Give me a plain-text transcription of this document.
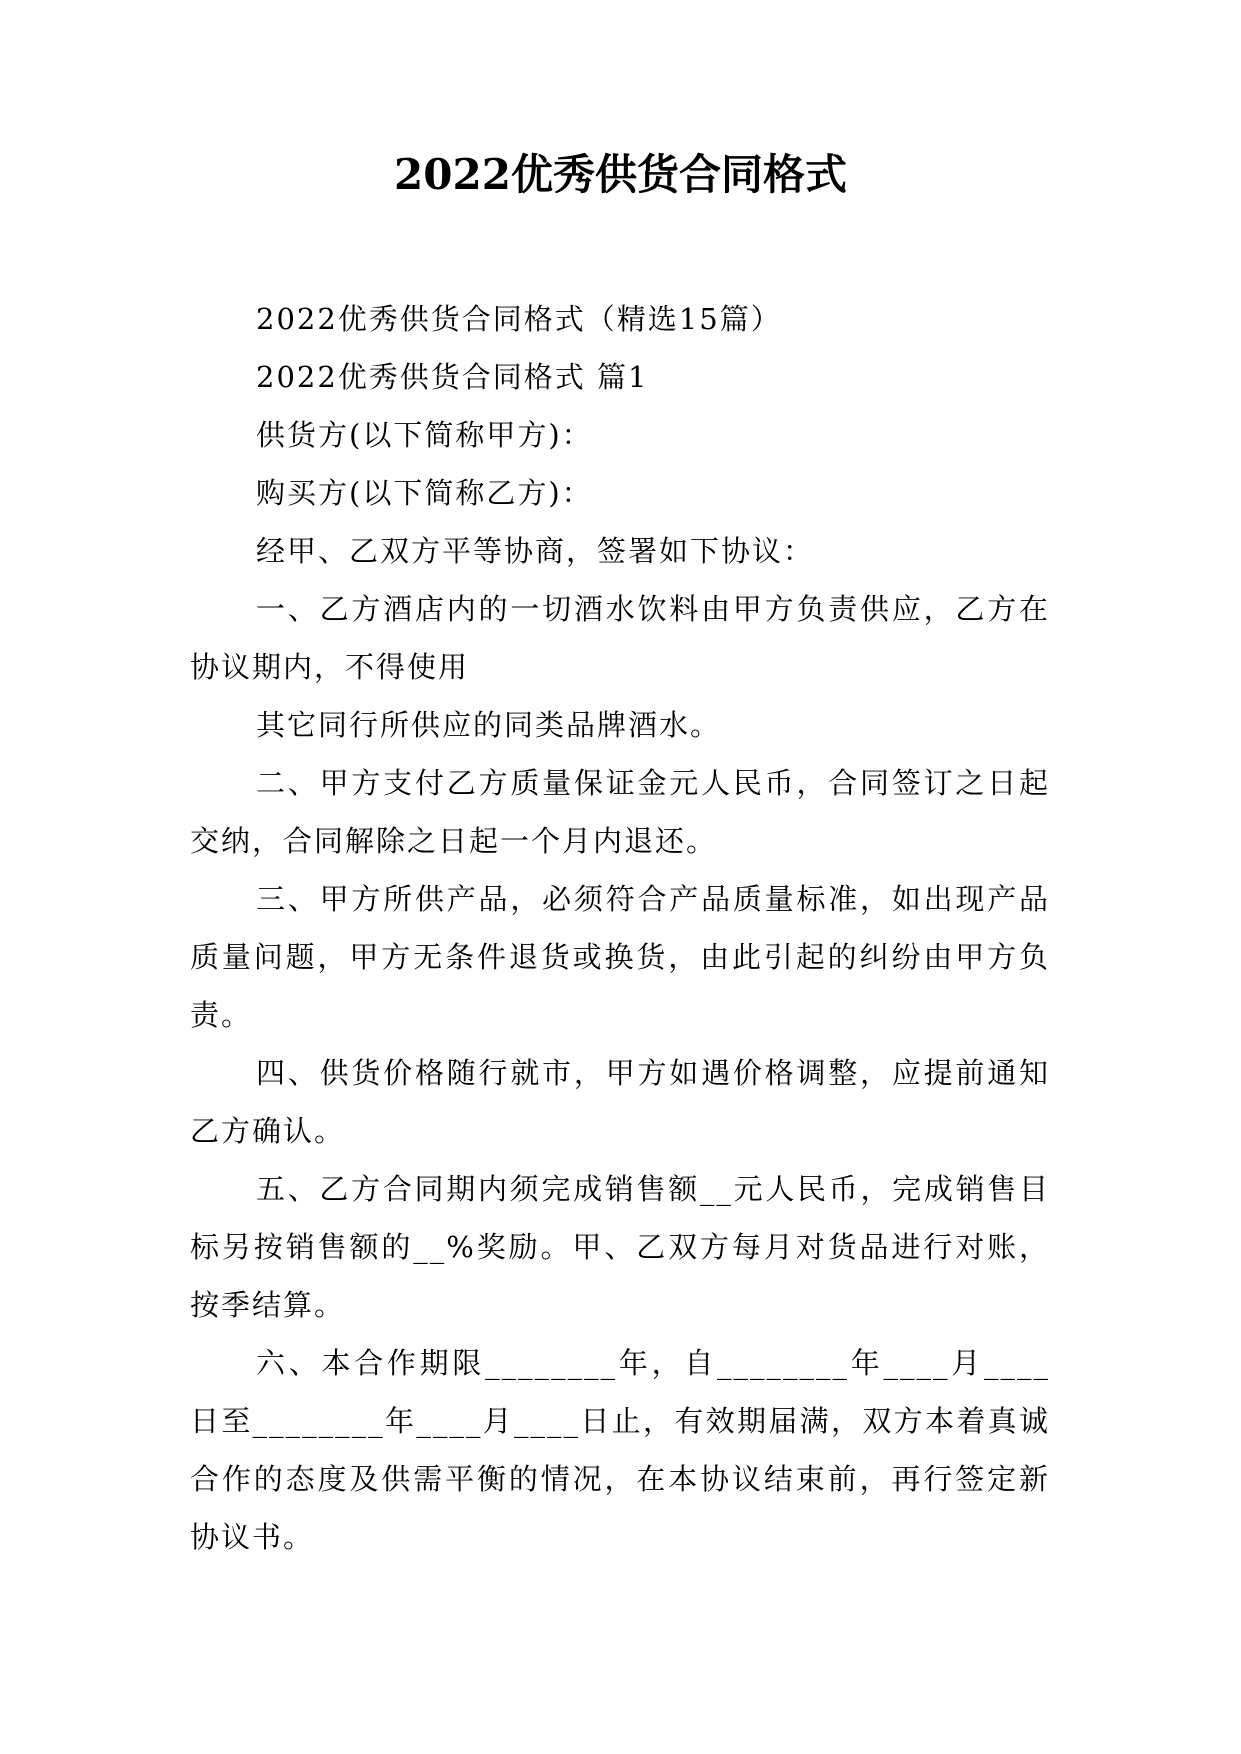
2022优秀供货合同格式

2022优秀供货合同格式（精选15篇）

2022优秀供货合同格式 篇1

供货方(以下简称甲方)：

购买方(以下简称乙方)：

经甲、乙双方平等协商，签署如下协议：

一、乙方酒店内的一切酒水饮料由甲方负责供应，乙方在协议期内，不得使用

其它同行所供应的同类品牌酒水。

二、甲方支付乙方质量保证金元人民币，合同签订之日起交纳，合同解除之日起一个月内退还。

三、甲方所供产品，必须符合产品质量标准，如出现产品质量问题，甲方无条件退货或换货，由此引起的纠纷由甲方负责。

四、供货价格随行就市，甲方如遇价格调整，应提前通知乙方确认。

五、乙方合同期内须完成销售额__元人民币，完成销售目标另按销售额的__%奖励。甲、乙双方每月对货品进行对账，按季结算。

六、本合作期限________年，自________年____月____日至________年____月____日止，有效期届满，双方本着真诚合作的态度及供需平衡的情况，在本协议结束前，再行签定新协议书。
